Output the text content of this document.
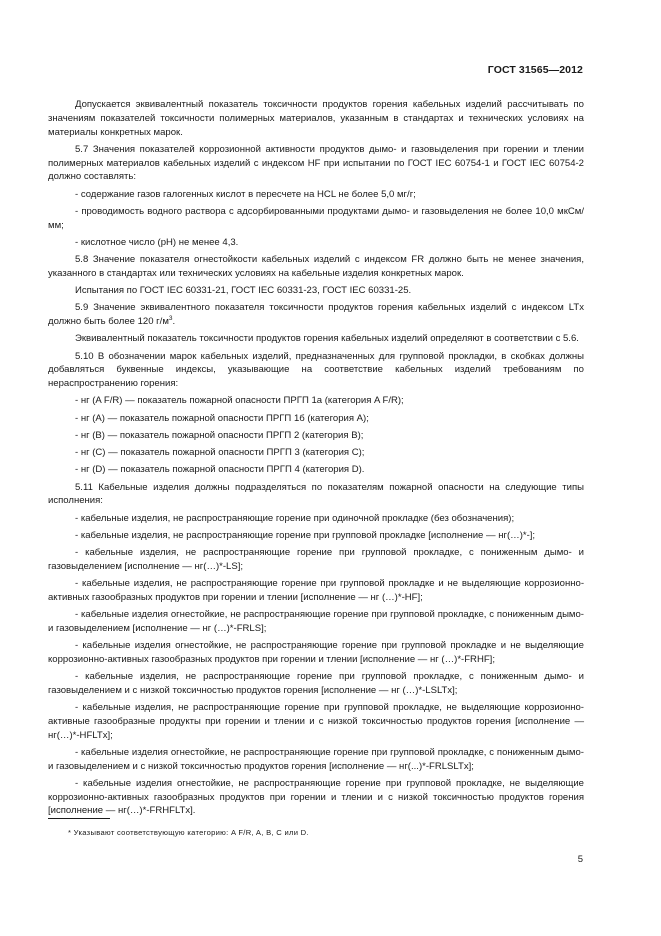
ГОСТ 31565—2012

Допускается эквивалентный показатель токсичности продуктов горения кабельных изделий рассчитывать по значениям показателей токсичности полимерных материалов, указанным в стандартах и технических условиях на материалы конкретных марок.

5.7 Значения показателей коррозионной активности продуктов дымо- и газовыделения при горении и тлении полимерных материалов кабельных изделий с индексом HF при испытании по ГОСТ IEC 60754-1 и ГОСТ IEC 60754-2 должно составлять:

- содержание газов галогенных кислот в пересчете на HCL не более 5,0 мг/г;

- проводимость водного раствора с адсорбированными продуктами дымо- и газовыделения не более 10,0 мкСм/мм;

- кислотное число (pH) не менее 4,3.

5.8 Значение показателя огнестойкости кабельных изделий с индексом FR должно быть не менее значения, указанного в стандартах или технических условиях на кабельные изделия конкретных марок.

Испытания по ГОСТ IEC 60331-21, ГОСТ IEC 60331-23, ГОСТ IEC 60331-25.

5.9 Значение эквивалентного показателя токсичности продуктов горения кабельных изделий с индексом LTx должно быть более 120 $г/м^3$.

Эквивалентный показатель токсичности продуктов горения кабельных изделий определяют в соответствии с 5.6.

5.10 В обозначении марок кабельных изделий, предназначенных для групповой прокладки, в скобках должны добавляться буквенные индексы, указывающие на соответствие кабельных изделий требованиям по нераспространению горения:

- нг (A F/R) — показатель пожарной опасности ПРГП 1а (категория A F/R);

- нг (A) — показатель пожарной опасности ПРГП 1б (категория A);

- нг (B) — показатель пожарной опасности ПРГП 2 (категория B);

- нг (C) — показатель пожарной опасности ПРГП 3 (категория C);

- нг (D) — показатель пожарной опасности ПРГП 4 (категория D).

5.11 Кабельные изделия должны подразделяться по показателям пожарной опасности на следующие типы исполнения:

- кабельные изделия, не распространяющие горение при одиночной прокладке (без обозначения);

- кабельные изделия, не распространяющие горение при групповой прокладке [исполнение — нг(…)*-];

- кабельные изделия, не распространяющие горение при групповой прокладке, с пониженным дымо- и газовыделением [исполнение — нг(…)*-LS];

- кабельные изделия, не распространяющие горение при групповой прокладке и не выделяющие коррозионно-активных газообразных продуктов при горении и тлении [исполнение — нг (…)*-HF];

- кабельные изделия огнестойкие, не распространяющие горение при групповой прокладке, с пониженным дымо- и газовыделением [исполнение — нг (…)*-FRLS];

- кабельные изделия огнестойкие, не распространяющие горение при групповой прокладке и не выделяющие коррозионно-активных газообразных продуктов при горении и тлении [исполнение — нг (…)*-FRHF];

- кабельные изделия, не распространяющие горение при групповой прокладке, с пониженным дымо- и газовыделением и с низкой токсичностью продуктов горения [исполнение — нг (…)*-LSLTx];

- кабельные изделия, не распространяющие горение при групповой прокладке, не выделяющие коррозионно-активные газообразные продукты при горении и тлении и с низкой токсичностью продуктов горения [исполнение — нг(…)*-HFLTx];

- кабельные изделия огнестойкие, не распространяющие горение при групповой прокладке, с пониженным дымо- и газовыделением и с низкой токсичностью продуктов горения [исполнение — нг(...)*-FRLSLTx];

- кабельные изделия огнестойкие, не распространяющие горение при групповой прокладке, не выделяющие коррозионно-активных газообразных продуктов при горении и тлении и с низкой токсичностью продуктов горения [исполнение — нг(…)*-FRHFLTx].

* Указывают соответствующую категорию: A F/R, A, B, C или D.
5
